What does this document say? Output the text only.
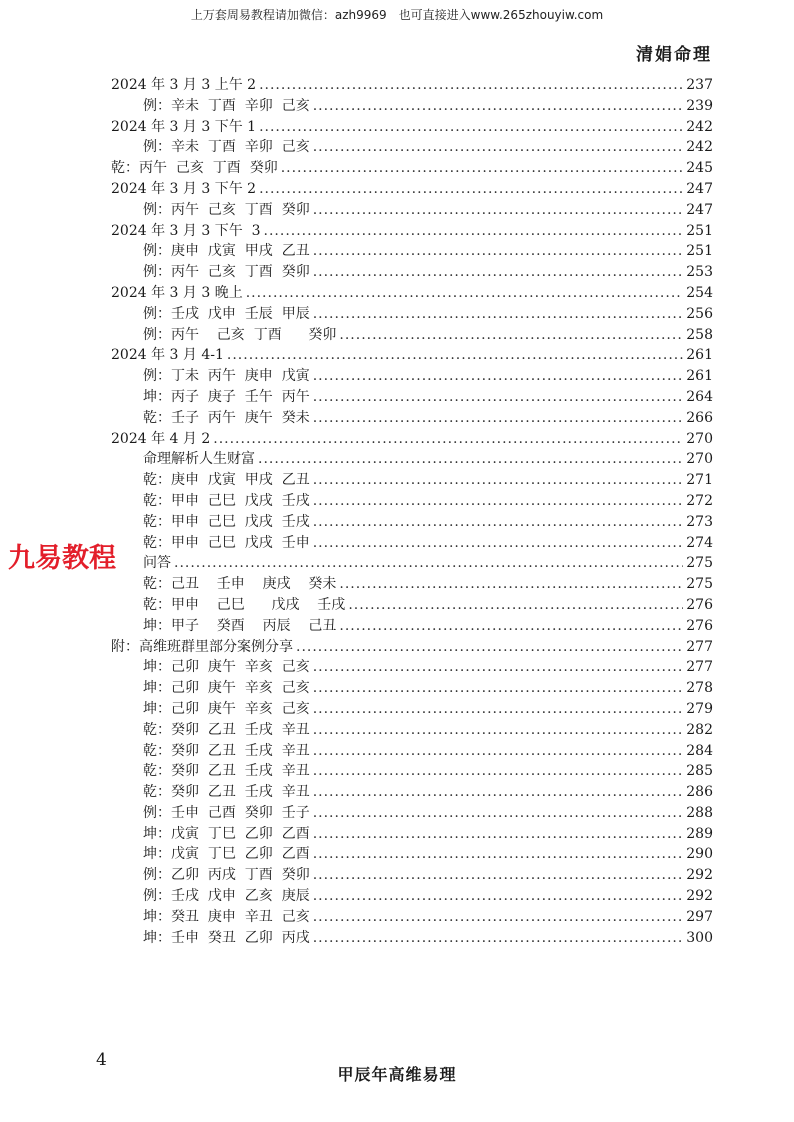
上万套周易教程请加微信：azh9969　也可直接进入www.265zhouyiw.com
清娟命理
2024 年 3 月 3 上午 2 .....	237
例：辛未  丁酉  辛卯  己亥 .....	239
2024 年 3 月 3 下午 1 .....	242
例：辛未  丁酉  辛卯  己亥 .....	242
乾：丙午  己亥  丁酉  癸卯 .....	245
2024 年 3 月 3 下午 2 .....	247
例：丙午  己亥  丁酉  癸卯 .....	247
2024 年 3 月 3 下午  3 .....	251
例：庚申  戊寅  甲戌  乙丑 .....	251
例：丙午  己亥  丁酉  癸卯 .....	253
2024 年 3 月 3 晚上 .....	254
例：壬戌  戊申  壬辰  甲辰 .....	256
例：丙午    己亥  丁酉      癸卯 .....	258
2024 年 3 月 4-1 .....	261
例：丁未  丙午  庚申  戊寅 .....	261
坤：丙子  庚子  壬午  丙午 .....	264
乾：壬子  丙午  庚午  癸未 .....	266
2024 年 4 月 2 .....	270
命理解析人生财富 .....	270
乾：庚申  戊寅  甲戌  乙丑 .....	271
乾：甲申  己巳  戊戌  壬戌 .....	272
乾：甲申  己巳  戊戌  壬戌 .....	273
乾：甲申  己巳  戊戌  壬申 .....	274
问答 .....	275
乾：己丑    壬申    庚戌    癸未 .....	275
乾：甲申    己巳      戊戌    壬戌 .....	276
坤：甲子    癸酉    丙辰    己丑 .....	276
附：高维班群里部分案例分享 .....	277
坤：己卯  庚午  辛亥  己亥 .....	277
坤：己卯  庚午  辛亥  己亥 .....	278
坤：己卯  庚午  辛亥  己亥 .....	279
乾：癸卯  乙丑  壬戌  辛丑 .....	282
乾：癸卯  乙丑  壬戌  辛丑 .....	284
乾：癸卯  乙丑  壬戌  辛丑 .....	285
乾：癸卯  乙丑  壬戌  辛丑 .....	286
例：壬申  己酉  癸卯  壬子 .....	288
坤：戊寅  丁巳  乙卯  乙酉 .....	289
坤：戊寅  丁巳  乙卯  乙酉 .....	290
例：乙卯  丙戌  丁酉  癸卯 .....	292
例：壬戌  戊申  乙亥  庚辰 .....	292
坤：癸丑  庚申  辛丑  己亥 .....	297
坤：壬申  癸丑  乙卯  丙戌 .....	300
九易教程
4
甲辰年高维易理
